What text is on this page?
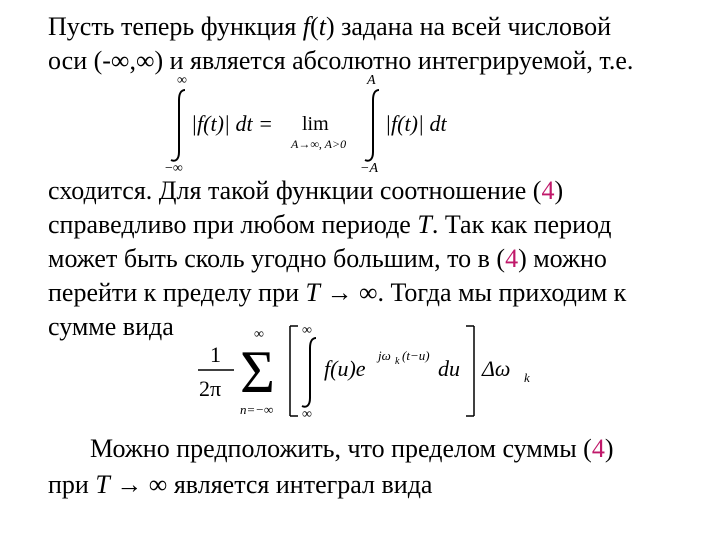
Пусть теперь функция f(t) задана на всей числовой
оси (-∞,∞) и является абсолютно интегрируемой, т.е.
∞
−∞
|f(t)| dt = lim
A→∞, A>0
A
−A
|f(t)| dt
сходится. Для такой функции соотношение (4)
справедливо при любом периоде T. Так как период
может быть сколь угодно большим, то в (4) можно
перейти к пределу при T → ∞. Тогда мы приходим к
сумме вида
1
2π
∞
Σ
n=−∞
∞
∞
f(u)e
jω k (t−u)
du Δω k
Можно предположить, что пределом суммы (4)
при T → ∞ является интеграл вида
